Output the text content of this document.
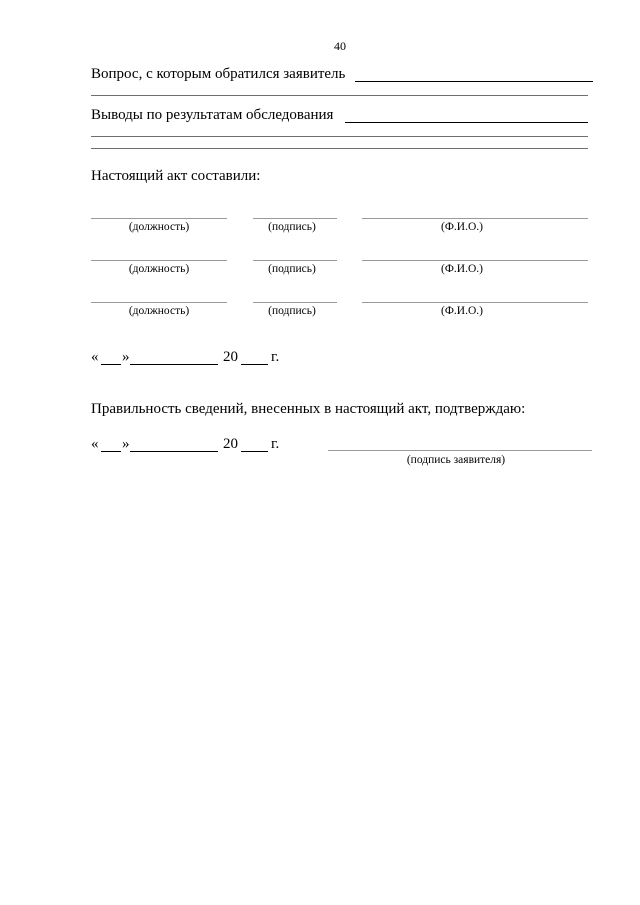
40
Вопрос, с которым обратился заявитель
Выводы по результатам обследования
Настоящий акт составили:
(должность)	(подпись)	(Ф.И.О.)
(должность)	(подпись)	(Ф.И.О.)
(должность)	(подпись)	(Ф.И.О.)
« »	20 г.
Правильность сведений, внесенных в настоящий акт, подтверждаю:
« »	20 г.
(подпись заявителя)
